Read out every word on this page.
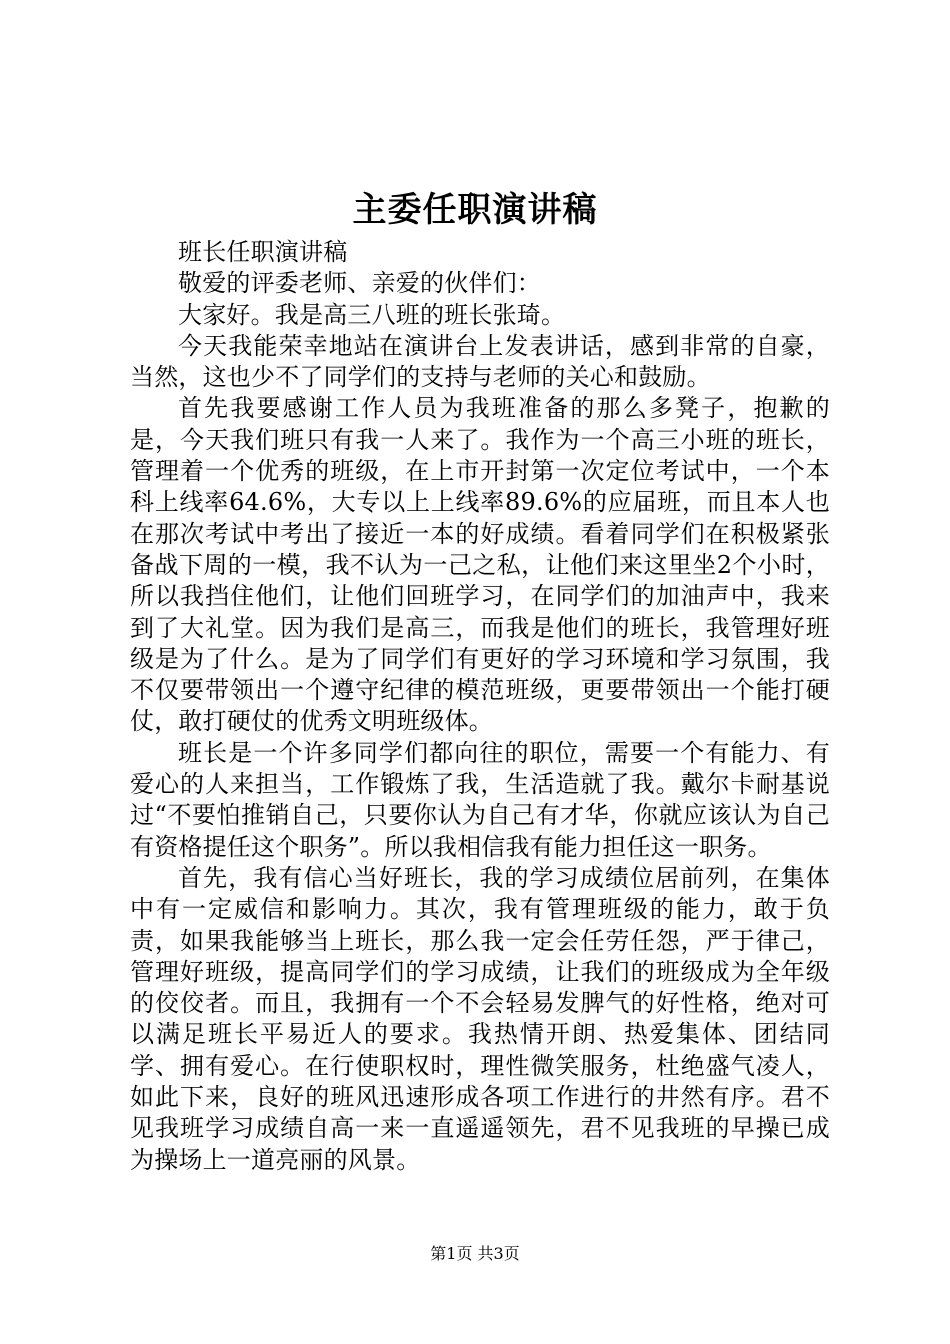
主委任职演讲稿

班长任职演讲稿

敬爱的评委老师、亲爱的伙伴们：

大家好。我是高三八班的班长张琦。

今天我能荣幸地站在演讲台上发表讲话，感到非常的自豪，当然，这也少不了同学们的支持与老师的关心和鼓励。

首先我要感谢工作人员为我班准备的那么多凳子，抱歉的是，今天我们班只有我一人来了。我作为一个高三小班的班长，管理着一个优秀的班级，在上市开封第一次定位考试中，一个本科上线率64.6%，大专以上上线率89.6%的应届班，而且本人也在那次考试中考出了接近一本的好成绩。看着同学们在积极紧张备战下周的一模，我不认为一己之私，让他们来这里坐2个小时，所以我挡住他们，让他们回班学习，在同学们的加油声中，我来到了大礼堂。因为我们是高三，而我是他们的班长，我管理好班级是为了什么。是为了同学们有更好的学习环境和学习氛围，我不仅要带领出一个遵守纪律的模范班级，更要带领出一个能打硬仗，敢打硬仗的优秀文明班级体。

班长是一个许多同学们都向往的职位，需要一个有能力、有爱心的人来担当，工作锻炼了我，生活造就了我。戴尔卡耐基说过“不要怕推销自己，只要你认为自己有才华，你就应该认为自己有资格提任这个职务”。所以我相信我有能力担任这一职务。

首先，我有信心当好班长，我的学习成绩位居前列，在集体中有一定威信和影响力。其次，我有管理班级的能力，敢于负责，如果我能够当上班长，那么我一定会任劳任怨，严于律己，管理好班级，提高同学们的学习成绩，让我们的班级成为全年级的佼佼者。而且，我拥有一个不会轻易发脾气的好性格，绝对可以满足班长平易近人的要求。我热情开朗、热爱集体、团结同学、拥有爱心。在行使职权时，理性微笑服务，杜绝盛气凌人，如此下来，良好的班风迅速形成各项工作进行的井然有序。君不见我班学习成绩自高一来一直遥遥领先，君不见我班的早操已成为操场上一道亮丽的风景。

第1页 共3页
